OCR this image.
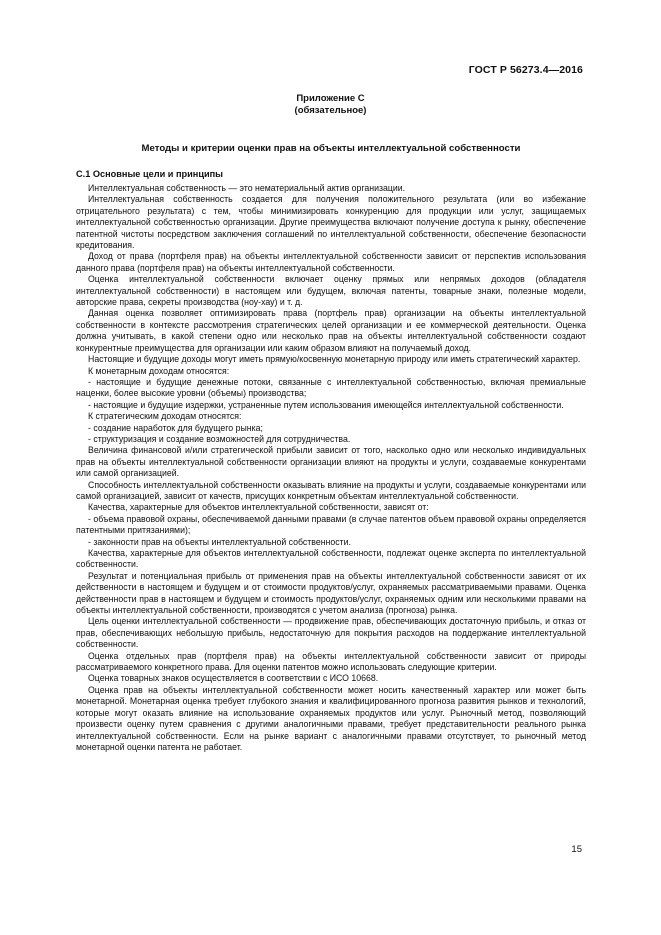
ГОСТ Р 56273.4—2016
Приложение С
(обязательное)
Методы и критерии оценки прав на объекты интеллектуальной собственности
С.1 Основные цели и принципы

Интеллектуальная собственность — это нематериальный актив организации.

Интеллектуальная собственность создается для получения положительного результата (или во избежание отрицательного результата) с тем, чтобы минимизировать конкуренцию для продукции или услуг, защищаемых интеллектуальной собственностью организации. Другие преимущества включают получение доступа к рынку, обеспечение патентной чистоты посредством заключения соглашений по интеллектуальной собственности, обеспечение безопасности кредитования.

Доход от права (портфеля прав) на объекты интеллектуальной собственности зависит от перспектив использования данного права (портфеля прав) на объекты интеллектуальной собственности.

Оценка интеллектуальной собственности включает оценку прямых или непрямых доходов (обладателя интеллектуальной собственности) в настоящем или будущем, включая патенты, товарные знаки, полезные модели, авторские права, секреты производства (ноу-хау) и т. д.

Данная оценка позволяет оптимизировать права (портфель прав) организации на объекты интеллектуальной собственности в контексте рассмотрения стратегических целей организации и ее коммерческой деятельности. Оценка должна учитывать, в какой степени одно или несколько прав на объекты интеллектуальной собственности создают конкурентные преимущества для организации или каким образом влияют на получаемый доход.

Настоящие и будущие доходы могут иметь прямую/косвенную монетарную природу или иметь стратегический характер.

К монетарным доходам относятся:

- настоящие и будущие денежные потоки, связанные с интеллектуальной собственностью, включая премиальные наценки, более высокие уровни (объемы) производства;

- настоящие и будущие издержки, устраненные путем использования имеющейся интеллектуальной собственности.

К стратегическим доходам относятся:

- создание наработок для будущего рынка;

- структуризация и создание возможностей для сотрудничества.

Величина финансовой и/или стратегической прибыли зависит от того, насколько одно или несколько индивидуальных прав на объекты интеллектуальной собственности организации влияют на продукты и услуги, создаваемые конкурентами или самой организацией.

Способность интеллектуальной собственности оказывать влияние на продукты и услуги, создаваемые конкурентами или самой организацией, зависит от качеств, присущих конкретным объектам интеллектуальной собственности.

Качества, характерные для объектов интеллектуальной собственности, зависят от:

- объема правовой охраны, обеспечиваемой данными правами (в случае патентов объем правовой охраны определяется патентными притязаниями);

- законности прав на объекты интеллектуальной собственности.

Качества, характерные для объектов интеллектуальной собственности, подлежат оценке эксперта по интеллектуальной собственности.

Результат и потенциальная прибыль от применения прав на объекты интеллектуальной собственности зависят от их действенности в настоящем и будущем и от стоимости продуктов/услуг, охраняемых рассматриваемыми правами. Оценка действенности прав в настоящем и будущем и стоимость продуктов/услуг, охраняемых одним или несколькими правами на объекты интеллектуальной собственности, производятся с учетом анализа (прогноза) рынка.

Цель оценки интеллектуальной собственности — продвижение прав, обеспечивающих достаточную прибыль, и отказ от прав, обеспечивающих небольшую прибыль, недостаточную для покрытия расходов на поддержание интеллектуальной собственности.

Оценка отдельных прав (портфеля прав) на объекты интеллектуальной собственности зависит от природы рассматриваемого конкретного права. Для оценки патентов можно использовать следующие критерии.

Оценка товарных знаков осуществляется в соответствии с ИСО 10668.

Оценка прав на объекты интеллектуальной собственности может носить качественный характер или может быть монетарной. Монетарная оценка требует глубокого знания и квалифицированного прогноза развития рынков и технологий, которые могут оказать влияние на использование охраняемых продуктов или услуг. Рыночный метод, позволяющий произвести оценку путем сравнения с другими аналогичными правами, требует представительности реального рынка интеллектуальной собственности. Если на рынке вариант с аналогичными правами отсутствует, то рыночный метод монетарной оценки патента не работает.

15
